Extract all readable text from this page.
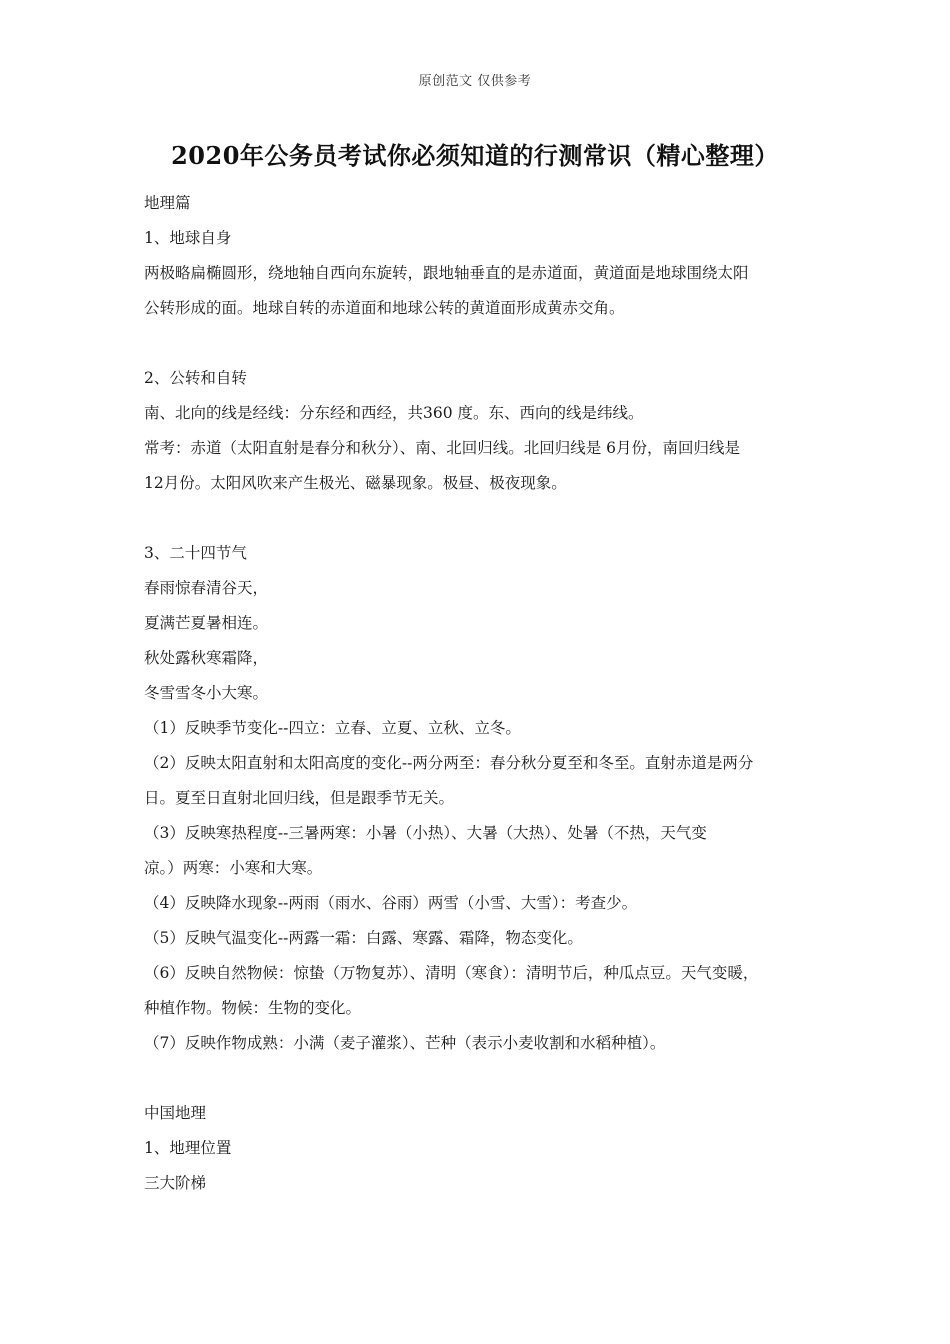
原创范文 仅供参考
2020年公务员考试你必须知道的行测常识（精心整理）
地理篇
1、地球自身
两极略扁椭圆形，绕地轴自西向东旋转，跟地轴垂直的是赤道面，黄道面是地球围绕太阳
公转形成的面。地球自转的赤道面和地球公转的黄道面形成黄赤交角。
2、公转和自转
南、北向的线是经线：分东经和西经，共360 度。东、西向的线是纬线。
常考：赤道（太阳直射是春分和秋分）、南、北回归线。北回归线是 6月份，南回归线是
12月份。太阳风吹来产生极光、磁暴现象。极昼、极夜现象。
3、二十四节气
春雨惊春清谷天，
夏满芒夏暑相连。
秋处露秋寒霜降，
冬雪雪冬小大寒。
（1）反映季节变化--四立：立春、立夏、立秋、立冬。
（2）反映太阳直射和太阳高度的变化--两分两至：春分秋分夏至和冬至。直射赤道是两分
日。夏至日直射北回归线，但是跟季节无关。
（3）反映寒热程度--三暑两寒：小暑（小热）、大暑（大热）、处暑（不热，天气变
凉。）两寒：小寒和大寒。
（4）反映降水现象--两雨（雨水、谷雨）两雪（小雪、大雪）：考查少。
（5）反映气温变化--两露一霜：白露、寒露、霜降，物态变化。
（6）反映自然物候：惊蛰（万物复苏）、清明（寒食）：清明节后，种瓜点豆。天气变暖，
种植作物。物候：生物的变化。
（7）反映作物成熟：小满（麦子灌浆）、芒种（表示小麦收割和水稻种植）。
中国地理
1、地理位置
三大阶梯
